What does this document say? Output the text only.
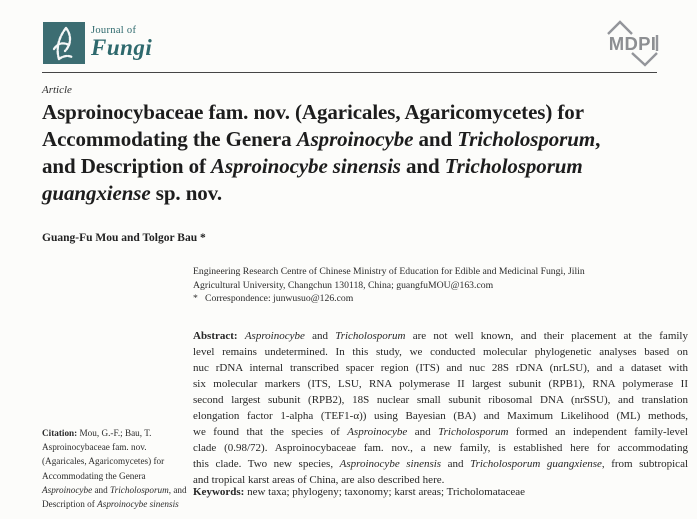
Journal of
Fungi	MDPI
Article
Asproinocybaceae fam. nov. (Agaricales, Agaricomycetes) for
Accommodating the Genera Asproinocybe and Tricholosporum,
and Description of Asproinocybe sinensis and Tricholosporum
guangxiense sp. nov.
Guang-Fu Mou and Tolgor Bau *
Engineering Research Centre of Chinese Ministry of Education for Edible and Medicinal Fungi, Jilin
Agricultural University, Changchun 130118, China; guangfuMOU@163.com
* Correspondence: junwusuo@126.com
Abstract: Asproinocybe and Tricholosporum are not well known, and their placement at the family
level remains undetermined. In this study, we conducted molecular phylogenetic analyses based on
nuc rDNA internal transcribed spacer region (ITS) and nuc 28S rDNA (nrLSU), and a dataset with
six molecular markers (ITS, LSU, RNA polymerase II largest subunit (RPB1), RNA polymerase II
second largest subunit (RPB2), 18S nuclear small subunit ribosomal DNA (nrSSU), and translation
elongation factor 1-alpha (TEF1-α)) using Bayesian (BA) and Maximum Likelihood (ML) methods,
we found that the species of Asproinocybe and Tricholosporum formed an independent family-level
clade (0.98/72). Asproinocybaceae fam. nov., a new family, is established here for accommodating
this clade. Two new species, Asproinocybe sinensis and Tricholosporum guangxiense, from subtropical
and tropical karst areas of China, are also described here.
Keywords: new taxa; phylogeny; taxonomy; karst areas; Tricholomataceae
Citation: Mou, G.-F.; Bau, T.
Asproinocybaceae fam. nov.
(Agaricales, Agaricomycetes) for
Accommodating the Genera
Asproinocybe and Tricholosporum, and
Description of Asproinocybe sinensis
